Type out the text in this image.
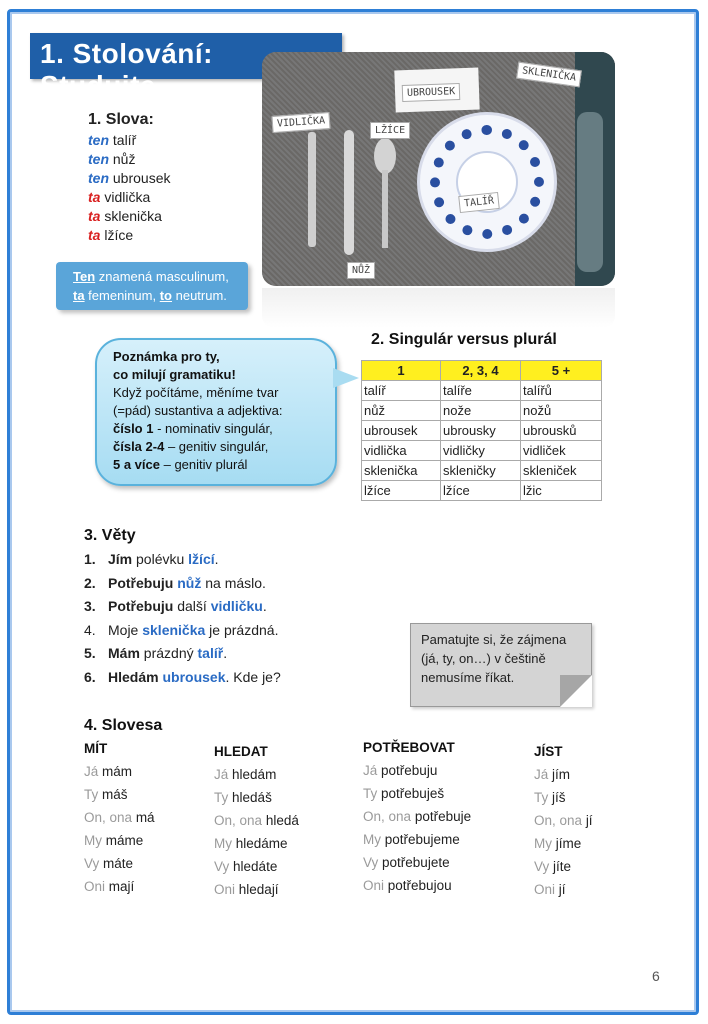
1. Stolování: Studujte	UBROUSEK
SKLENIČKA
VIDLIČKA
LŽÍCE
TALÍŘ
NŮŽ
1. Slova:
ten talíř
ten nůž
ten ubrousek
ta vidlička
ta sklenička
ta lžíce
Ten znamená masculinum,
ta femeninum, to neutrum.
Poznámka pro ty,
co milují gramatiku!
Když počítáme, měníme tvar
(=pád) sustantiva a adjektiva:
číslo 1 - nominativ singulár,
čísla 2-4 – genitiv singulár,
5 a více – genitiv plurál
2. Singulár versus plurál
1	2, 3, 4	5 +
talíř	talíře	talířů
nůž	nože	nožů
ubrousek	ubrousky	ubrousků
vidlička	vidličky	vidliček
sklenička	skleničky	skleniček
lžíce	lžíce	lžic
3. Věty
1. Jím polévku lžící.
2. Potřebuju nůž na máslo.
3. Potřebuju další vidličku.
4. Moje sklenička je prázdná.
5. Mám prázdný talíř.
6. Hledám ubrousek. Kde je?
Pamatujte si, že zájmena
(já, ty, on…) v češtině
nemusíme říkat.
4. Slovesa
MÍT
Já mám
Ty máš
On, ona má
My máme
Vy máte
Oni mají
HLEDAT
Já hledám
Ty hledáš
On, ona hledá
My hledáme
Vy hledáte
Oni hledají
POTŘEBOVAT
Já potřebuju
Ty potřebuješ
On, ona potřebuje
My potřebujeme
Vy potřebujete
Oni potřebujou
JÍST
Já jím
Ty jíš
On, ona jí
My jíme
Vy jíte
Oni jí
6
